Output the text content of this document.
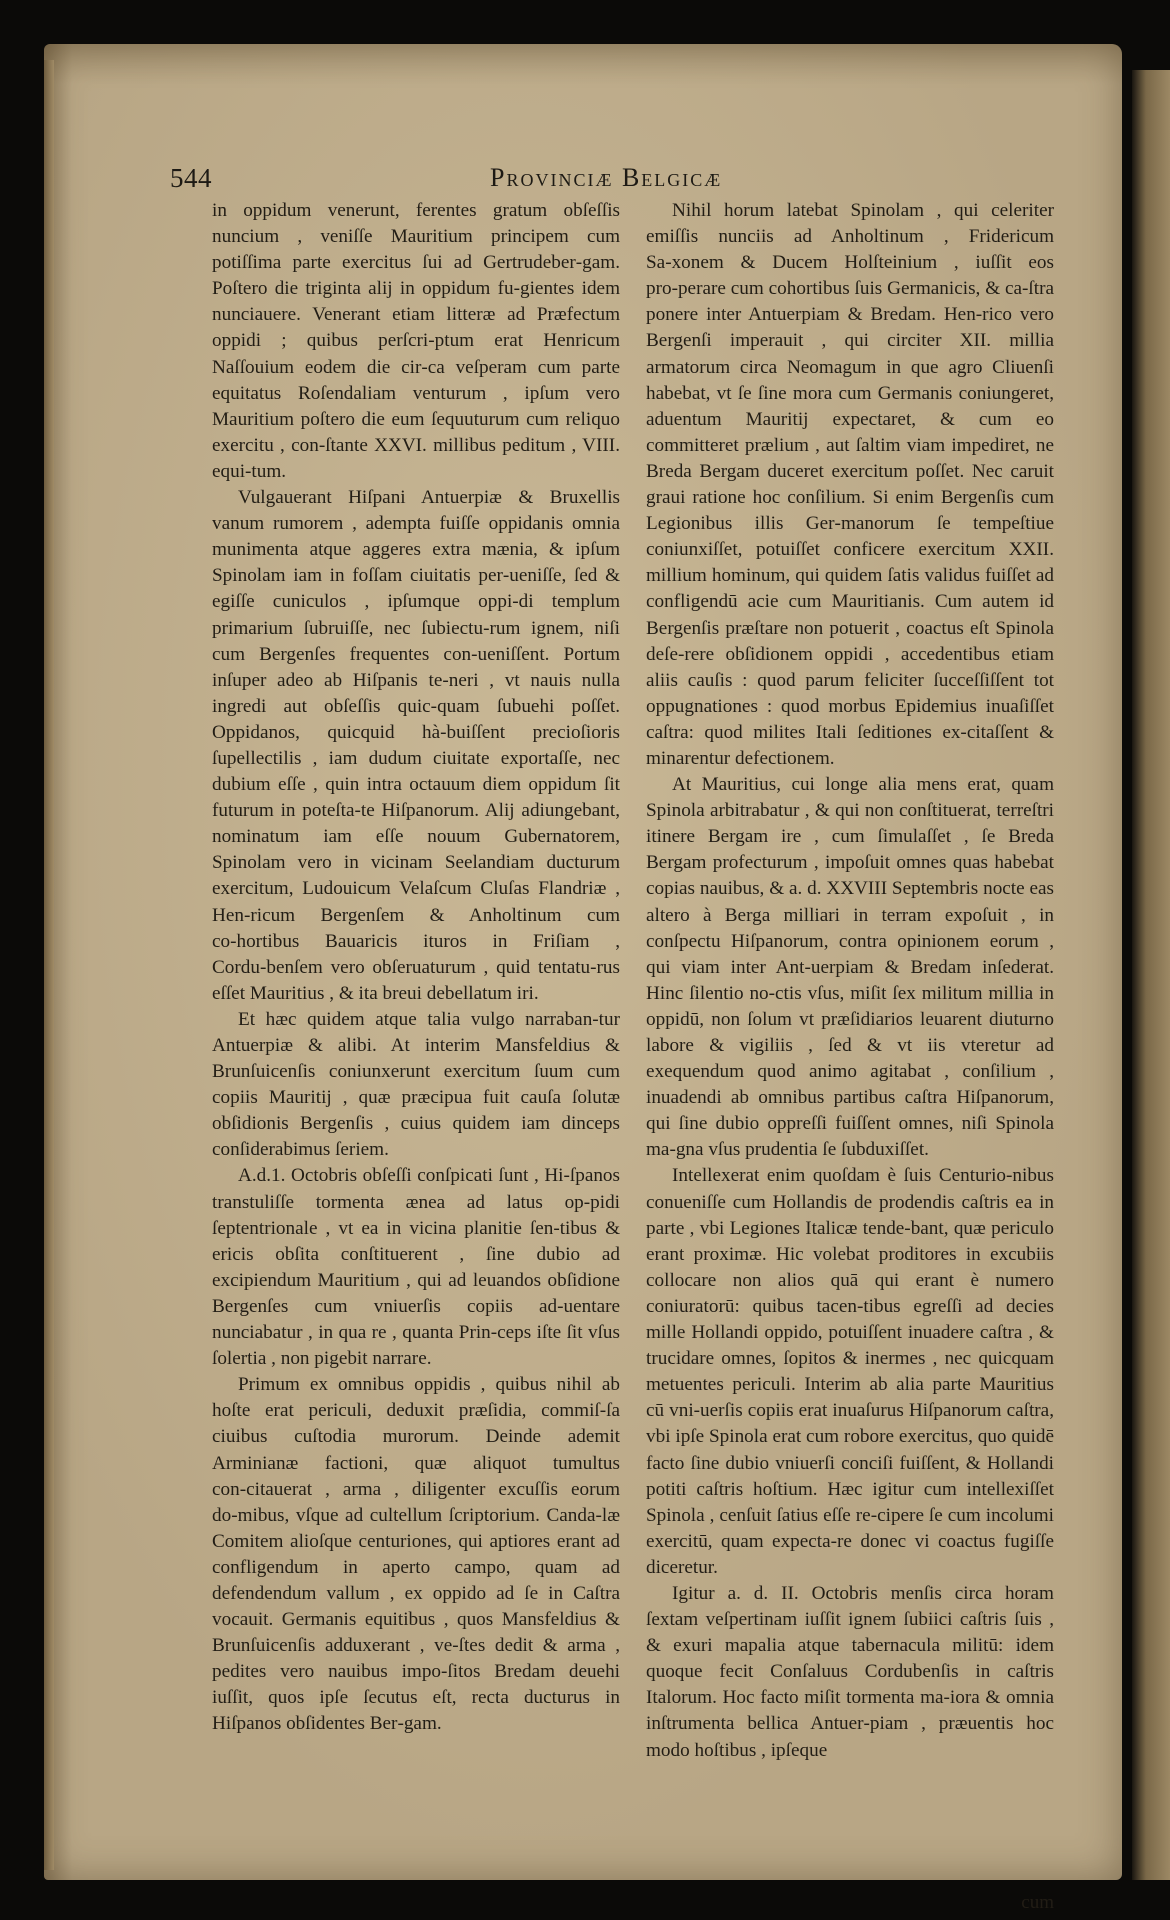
544	Provinciæ Belgicæ

in oppidum venerunt, ferentes gratum obſeſſis nuncium , veniſſe Mauritium principem cum potiſſima parte exercitus ſui ad Gertrudeber‑gam. Poſtero die triginta alij in oppidum fu‑gientes idem nunciauere. Venerant etiam litteræ ad Præfectum oppidi ; quibus perſcri‑ptum erat Henricum Naſſouium eodem die cir‑ca veſperam cum parte equitatus Roſendaliam venturum , ipſum vero Mauritium poſtero die eum ſequuturum cum reliquo exercitu , con‑ſtante XXVI. millibus peditum , VIII. equi‑tum.

Vulgauerant Hiſpani Antuerpiæ & Bruxellis vanum rumorem , adempta fuiſſe oppidanis omnia munimenta atque aggeres extra mænia, & ipſum Spinolam iam in foſſam ciuitatis per‑ueniſſe, ſed & egiſſe cuniculos , ipſumque oppi‑di templum primarium ſubruiſſe, nec ſubiectu‑rum ignem, niſi cum Bergenſes frequentes con‑ueniſſent. Portum inſuper adeo ab Hiſpanis te‑neri , vt nauis nulla ingredi aut obſeſſis quic‑quam ſubuehi poſſet. Oppidanos, quicquid hà‑buiſſent precioſioris ſupellectilis , iam dudum ciuitate exportaſſe, nec dubium eſſe , quin intra octauum diem oppidum ſit futurum in poteſta‑te Hiſpanorum. Alij adiungebant, nominatum iam eſſe nouum Gubernatorem, Spinolam vero in vicinam Seelandiam ducturum exercitum, Ludouicum Velaſcum Cluſas Flandriæ , Hen‑ricum Bergenſem & Anholtinum cum co‑hortibus Bauaricis ituros in Friſiam , Cordu‑benſem vero obſeruaturum , quid tentatu‑rus eſſet Mauritius , & ita breui debellatum iri.

Et hæc quidem atque talia vulgo narraban‑tur Antuerpiæ & alibi. At interim Mansfeldius & Brunſuicenſis coniunxerunt exercitum ſuum cum copiis Mauritij , quæ præcipua fuit cauſa ſolutæ obſidionis Bergenſis , cuius quidem iam dinceps conſiderabimus ſeriem.

A.d.1. Octobris obſeſſi conſpicati ſunt , Hi‑ſpanos transtuliſſe tormenta ænea ad latus op‑pidi ſeptentrionale , vt ea in vicina planitie ſen‑tibus & ericis obſita conſtituerent , ſine dubio ad excipiendum Mauritium , qui ad leuandos obſidione Bergenſes cum vniuerſis copiis ad‑uentare nunciabatur , in qua re , quanta Prin‑ceps iſte ſit vſus ſolertia , non pigebit narrare.

Primum ex omnibus oppidis , quibus nihil ab hoſte erat periculi, deduxit præſidia, commiſ‑ſa ciuibus cuſtodia murorum. Deinde ademit Arminianæ factioni, quæ aliquot tumultus con‑citauerat , arma , diligenter excuſſis eorum do‑mibus, vſque ad cultellum ſcriptorium. Canda‑læ Comitem alioſque centuriones, qui aptiores erant ad confligendum in aperto campo, quam ad defendendum vallum , ex oppido ad ſe in Caſtra vocauit. Germanis equitibus , quos Mansfeldius & Brunſuicenſis adduxerant , ve‑ſtes dedit & arma , pedites vero nauibus impo‑ſitos Bredam deuehi iuſſit, quos ipſe ſecutus eſt, recta ducturus in Hiſpanos obſidentes Ber‑gam.

Nihil horum latebat Spinolam , qui celeriter emiſſis nunciis ad Anholtinum , Fridericum Sa‑xonem & Ducem Holſteinium , iuſſit eos pro‑perare cum cohortibus ſuis Germanicis, & ca‑ſtra ponere inter Antuerpiam & Bredam. Hen‑rico vero Bergenſi imperauit , qui circiter XII. millia armatorum circa Neomagum in que agro Cliuenſi habebat, vt ſe ſine mora cum Germanis coniungeret, aduentum Mauritij expectaret, & cum eo committeret prælium , aut ſaltim viam impediret, ne Breda Bergam duceret exercitum poſſet. Nec caruit graui ratione hoc conſilium. Si enim Bergenſis cum Legionibus illis Ger‑manorum ſe tempeſtiue coniunxiſſet, potuiſſet conficere exercitum XXII. millium hominum, qui quidem ſatis validus fuiſſet ad confligendū acie cum Mauritianis. Cum autem id Bergenſis præſtare non potuerit , coactus eſt Spinola deſe‑rere obſidionem oppidi , accedentibus etiam aliis cauſis : quod parum feliciter ſucceſſiſſent tot oppugnationes : quod morbus Epidemius inuaſiſſet caſtra: quod milites Itali ſeditiones ex‑citaſſent & minarentur defectionem.

At Mauritius, cui longe alia mens erat, quam Spinola arbitrabatur , & qui non conſtituerat, terreſtri itinere Bergam ire , cum ſimulaſſet , ſe Breda Bergam profecturum , impoſuit omnes quas habebat copias nauibus, & a. d. XXVIII Septembris nocte eas altero à Berga milliari in terram expoſuit , in conſpectu Hiſpanorum, contra opinionem eorum , qui viam inter Ant‑uerpiam & Bredam inſederat. Hinc ſilentio no‑ctis vſus, miſit ſex militum millia in oppidū, non ſolum vt præſidiarios leuarent diuturno labore & vigiliis , ſed & vt iis vteretur ad exequendum quod animo agitabat , conſilium , inuadendi ab omnibus partibus caſtra Hiſpanorum, qui ſine dubio oppreſſi fuiſſent omnes, niſi Spinola ma‑gna vſus prudentia ſe ſubduxiſſet.

Intellexerat enim quoſdam è ſuis Centurio‑nibus conueniſſe cum Hollandis de prodendis caſtris ea in parte , vbi Legiones Italicæ tende‑bant, quæ periculo erant proximæ. Hic volebat proditores in excubiis collocare non alios quā qui erant è numero coniuratorū: quibus tacen‑tibus egreſſi ad decies mille Hollandi oppido, potuiſſent inuadere caſtra , & trucidare omnes, ſopitos & inermes , nec quicquam metuentes periculi. Interim ab alia parte Mauritius cū vni‑uerſis copiis erat inuaſurus Hiſpanorum caſtra, vbi ipſe Spinola erat cum robore exercitus, quo quidē facto ſine dubio vniuerſi conciſi fuiſſent, & Hollandi potiti caſtris hoſtium. Hæc igitur cum intellexiſſet Spinola , cenſuit ſatius eſſe re‑cipere ſe cum incolumi exercitū, quam expecta‑re donec vi coactus fugiſſe diceretur.

Igitur a. d. II. Octobris menſis circa horam ſextam veſpertinam iuſſit ignem ſubiici caſtris ſuis , & exuri mapalia atque tabernacula militū: idem quoque fecit Conſaluus Cordubenſis in caſtris Italorum. Hoc facto miſit tormenta ma‑iora & omnia inſtrumenta bellica Antuer‑piam , præuentis hoc modo hoſtibus , ipſeque

cum
